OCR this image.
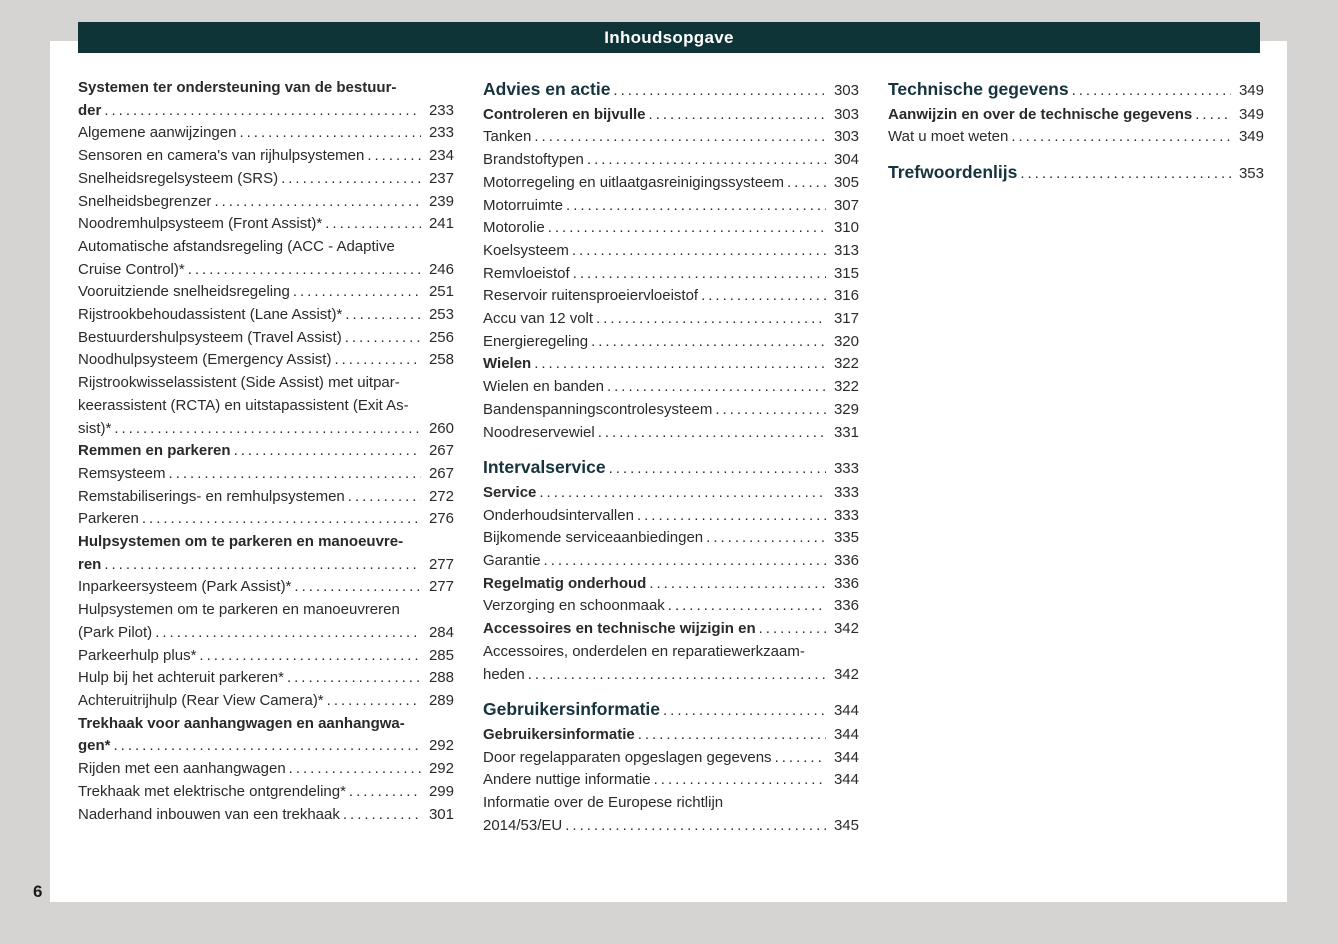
Inhoudsopgave
Systemen ter ondersteuning van de bestuur-
der .....	233
Algemene aanwijzingen .....	233
Sensoren en camera's van rijhulpsystemen .....	234
Snelheidsregelsysteem (SRS) .....	237
Snelheidsbegrenzer .....	239
Noodremhulpsysteem (Front Assist)* .....	241
Automatische afstandsregeling (ACC - Adaptive
Cruise Control)* .....	246
Vooruitziende snelheidsregeling .....	251
Rijstrookbehoudassistent (Lane Assist)* .....	253
Bestuurdershulpsysteem (Travel Assist) .....	256
Noodhulpsysteem (Emergency Assist) .....	258
Rijstrookwisselassistent (Side Assist) met uitpar-
keerassistent (RCTA) en uitstapassistent (Exit As-
sist)* .....	260
Remmen en parkeren .....	267
Remsysteem .....	267
Remstabiliserings- en remhulpsystemen .....	272
Parkeren .....	276
Hulpsystemen om te parkeren en manoeuvre-
ren .....	277
Inparkeersysteem (Park Assist)* .....	277
Hulpsystemen om te parkeren en manoeuvreren
(Park Pilot) .....	284
Parkeerhulp plus* .....	285
Hulp bij het achteruit parkeren* .....	288
Achteruitrijhulp (Rear View Camera)* .....	289
Trekhaak voor aanhangwagen en aanhangwa-
gen* .....	292
Rijden met een aanhangwagen .....	292
Trekhaak met elektrische ontgrendeling* .....	299
Naderhand inbouwen van een trekhaak .....	301
Advies en actie .....	303
Controleren en bijvulle .....	303
Tanken .....	303
Brandstoftypen .....	304
Motorregeling en uitlaatgasreinigingssysteem .....	305
Motorruimte .....	307
Motorolie .....	310
Koelsysteem .....	313
Remvloeistof .....	315
Reservoir ruitensproeiervloeistof .....	316
Accu van 12 volt .....	317
Energieregeling .....	320
Wielen .....	322
Wielen en banden .....	322
Bandenspanningscontrolesysteem .....	329
Noodreservewiel .....	331
Intervalservice .....	333
Service .....	333
Onderhoudsintervallen .....	333
Bijkomende serviceaanbiedingen .....	335
Garantie .....	336
Regelmatig onderhoud .....	336
Verzorging en schoonmaak .....	336
Accessoires en technische wijzigin en .....	342
Accessoires, onderdelen en reparatiewerkzaam-
heden .....	342
Gebruikersinformatie .....	344
Gebruikersinformatie .....	344
Door regelapparaten opgeslagen gegevens .....	344
Andere nuttige informatie .....	344
Informatie over de Europese richtlijn
2014/53/EU .....	345
Technische gegevens .....	349
Aanwijzin en over de technische gegevens .....	349
Wat u moet weten .....	349
Trefwoordenlijs .....	353
6
